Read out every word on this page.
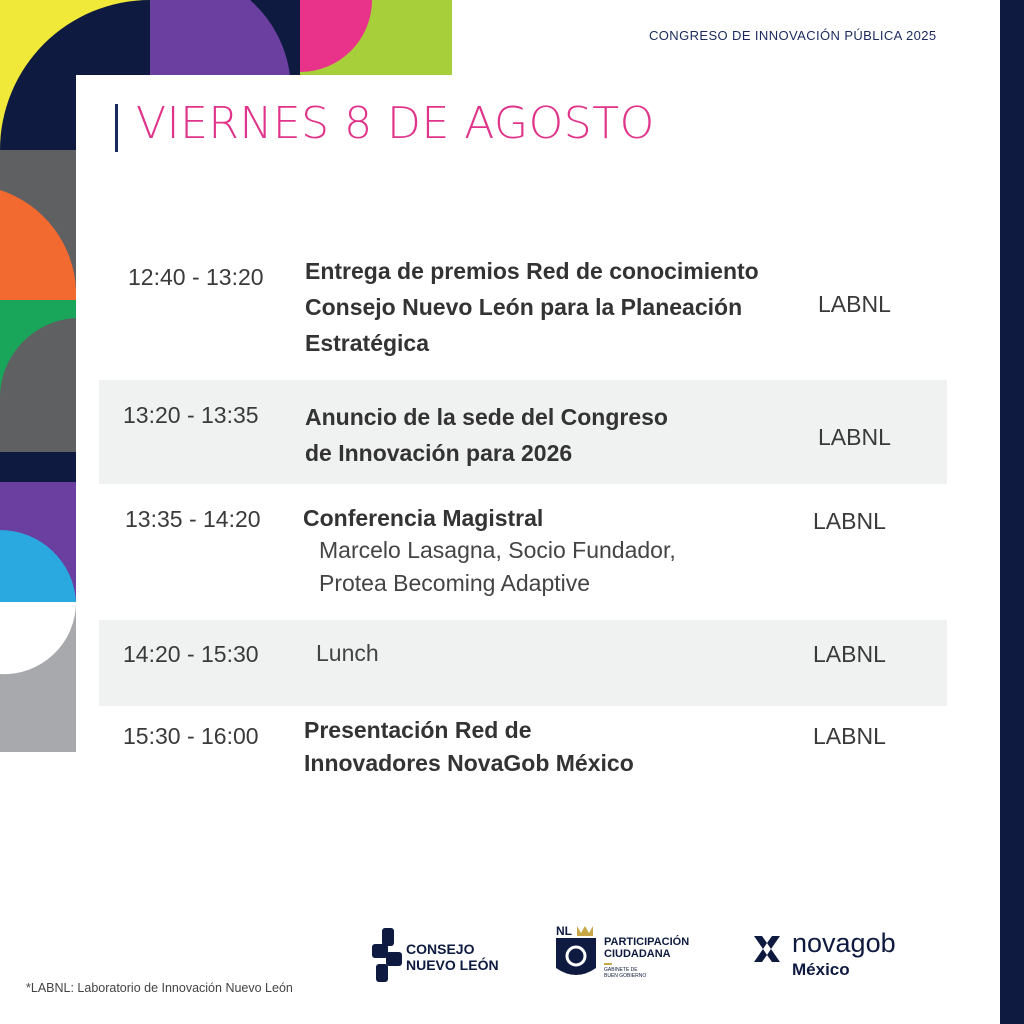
CONGRESO DE INNOVACIÓN PÚBLICA 2025
VIERNES 8 DE AGOSTO
12:40 - 13:20 Entrega de premios Red de conocimiento
Consejo Nuevo León para la Planeación
Estratégica
LABNL
13:20 - 13:35 Anuncio de la sede del Congreso
de Innovación para 2026
LABNL
13:35 - 14:20 Conferencia Magistral
Marcelo Lasagna, Socio Fundador,
Protea Becoming Adaptive
LABNL
14:20 - 15:30 Lunch	LABNL
15:30 - 16:00 Presentación Red de
Innovadores NovaGob México
LABNL
CONSEJO
NUEVO LEÓN
NL
PARTICIPACIÓN
CIUDADANA
GABINETE DE
BUEN GOBIERNO
novagob
México
*LABNL: Laboratorio de Innovación Nuevo León
